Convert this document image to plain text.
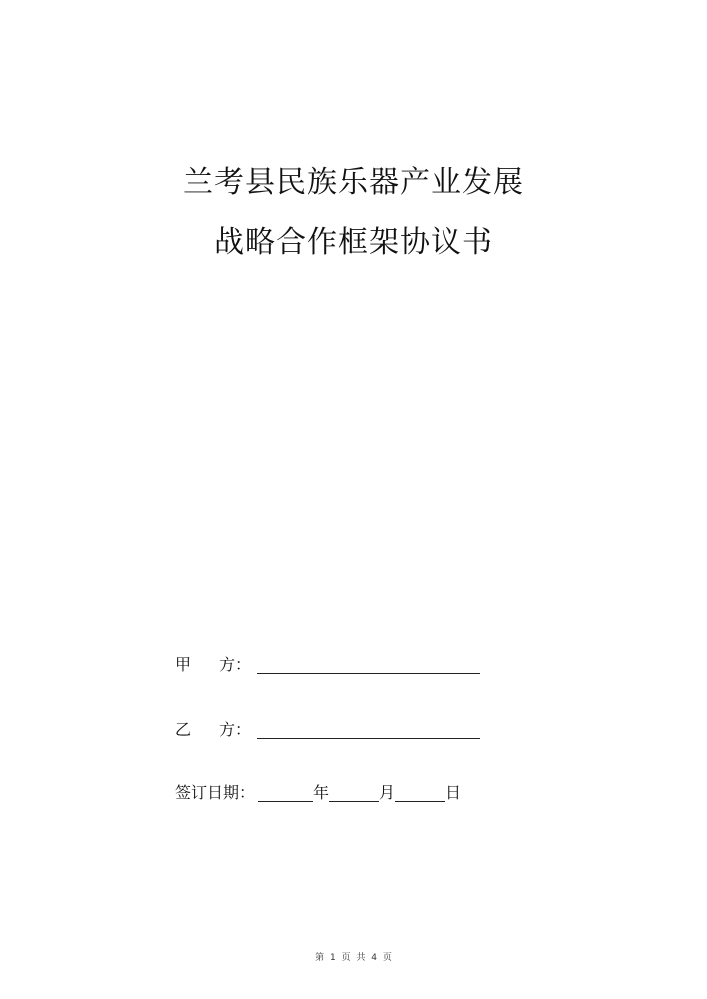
兰考县民族乐器产业发展
战略合作框架协议书
甲 方 ：
乙 方 ：
签订日期：	年	月	日
第 1 页 共 4 页
